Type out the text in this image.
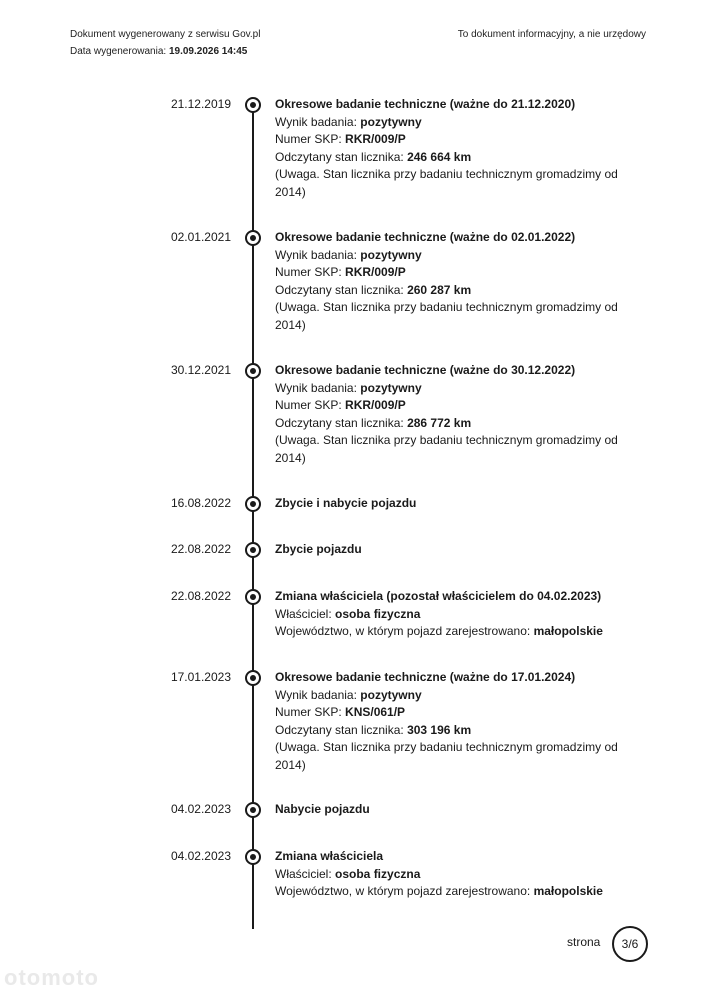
Dokument wygenerowany z serwisu Gov.pl
Data wygenerowania: 19.09.2026 14:45
To dokument informacyjny, a nie urzędowy
21.12.2019	Okresowe badanie techniczne (ważne do 21.12.2020)
Wynik badania: pozytywny
Numer SKP: RKR/009/P
Odczytany stan licznika: 246 664 km
(Uwaga. Stan licznika przy badaniu technicznym gromadzimy od 2014)
02.01.2021	Okresowe badanie techniczne (ważne do 02.01.2022)
Wynik badania: pozytywny
Numer SKP: RKR/009/P
Odczytany stan licznika: 260 287 km
(Uwaga. Stan licznika przy badaniu technicznym gromadzimy od 2014)
30.12.2021	Okresowe badanie techniczne (ważne do 30.12.2022)
Wynik badania: pozytywny
Numer SKP: RKR/009/P
Odczytany stan licznika: 286 772 km
(Uwaga. Stan licznika przy badaniu technicznym gromadzimy od 2014)
16.08.2022	Zbycie i nabycie pojazdu
22.08.2022	Zbycie pojazdu
22.08.2022	Zmiana właściciela (pozostał właścicielem do 04.02.2023)
Właściciel: osoba fizyczna
Województwo, w którym pojazd zarejestrowano: małopolskie
17.01.2023	Okresowe badanie techniczne (ważne do 17.01.2024)
Wynik badania: pozytywny
Numer SKP: KNS/061/P
Odczytany stan licznika: 303 196 km
(Uwaga. Stan licznika przy badaniu technicznym gromadzimy od 2014)
04.02.2023	Nabycie pojazdu
04.02.2023	Zmiana właściciela
Właściciel: osoba fizyczna
Województwo, w którym pojazd zarejestrowano: małopolskie
strona	3/6
otomoto
